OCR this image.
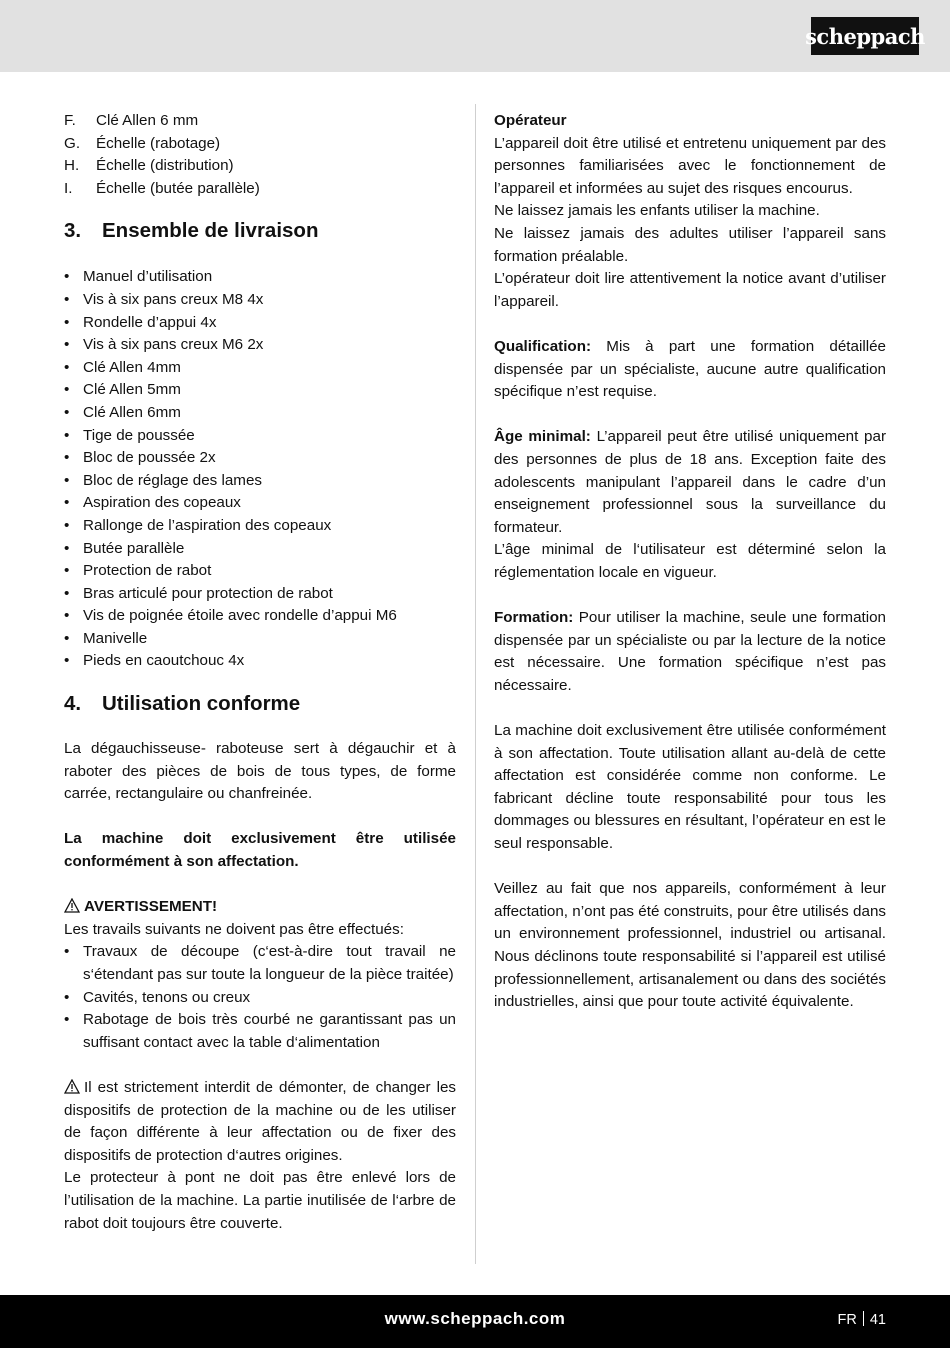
scheppach
F.	Clé Allen 6 mm
G.	Échelle (rabotage)
H.	Échelle (distribution)
I.	Échelle (butée parallèle)
3.	Ensemble de livraison
• Manuel d’utilisation
• Vis à six pans creux M8 4x
• Rondelle d’appui 4x
• Vis à six pans creux M6 2x
• Clé Allen 4mm
• Clé Allen 5mm
• Clé Allen 6mm
• Tige de poussée
• Bloc de poussée 2x
• Bloc de réglage des lames
• Aspiration des copeaux
• Rallonge de l’aspiration des copeaux
• Butée parallèle
• Protection de rabot
• Bras articulé pour protection de rabot
• Vis de poignée étoile avec rondelle d’appui M6
• Manivelle
• Pieds en caoutchouc 4x
4.	Utilisation conforme

La dégauchisseuse- raboteuse sert à dégauchir et à raboter des pièces de bois de tous types, de forme carrée, rectangulaire ou chanfreinée.

La machine doit exclusivement être utilisée conformément à son affectation.

AVERTISSEMENT!

Les travails suivants ne doivent pas être effectués:

• Travaux de découpe (c‘est-à-dire tout travail ne s‘étendant pas sur toute la longueur de la pièce traitée)
• Cavités, tenons ou creux
• Rabotage de bois très courbé ne garantissant pas un suffisant contact avec la table d‘alimentation

Il est strictement interdit de démonter, de changer les dispositifs de protection de la machine ou de les utiliser de façon différente à leur affectation ou de fixer des dispositifs de protection d‘autres origines.

Le protecteur à pont ne doit pas être enlevé lors de l’utilisation de la machine. La partie inutilisée de l‘arbre de rabot doit toujours être couverte.

Opérateur

L’appareil doit être utilisé et entretenu uniquement par des personnes familiarisées avec le fonctionnement de l’appareil et informées au sujet des risques encourus.

Ne laissez jamais les enfants utiliser la machine.

Ne laissez jamais des adultes utiliser l’appareil sans formation préalable.

L’opérateur doit lire attentivement la notice avant d’utiliser l’appareil.

Qualification: Mis à part une formation détaillée dispensée par un spécialiste, aucune autre qualification spécifique n’est requise.

Âge minimal: L’appareil peut être utilisé uniquement par des personnes de plus de 18 ans. Exception faite des adolescents manipulant l’appareil dans le cadre d’un enseignement professionnel sous la surveillance du formateur.

L’âge minimal de l‘utilisateur est déterminé selon la réglementation locale en vigueur.

Formation: Pour utiliser la machine, seule une formation dispensée par un spécialiste ou par la lecture de la notice est nécessaire. Une formation spécifique n’est pas nécessaire.

La machine doit exclusivement être utilisée conformément à son affectation. Toute utilisation allant au-delà de cette affectation est considérée comme non conforme. Le fabricant décline toute responsabilité pour tous les dommages ou blessures en résultant, l’opérateur en est le seul responsable.

Veillez au fait que nos appareils, conformément à leur affectation, n’ont pas été construits, pour être utilisés dans un environnement professionnel, industriel ou artisanal. Nous déclinons toute responsabilité si l’appareil est utilisé professionnellement, artisanalement ou dans des sociétés industrielles, ainsi que pour toute activité équivalente.

www.scheppach.com	FR 41
